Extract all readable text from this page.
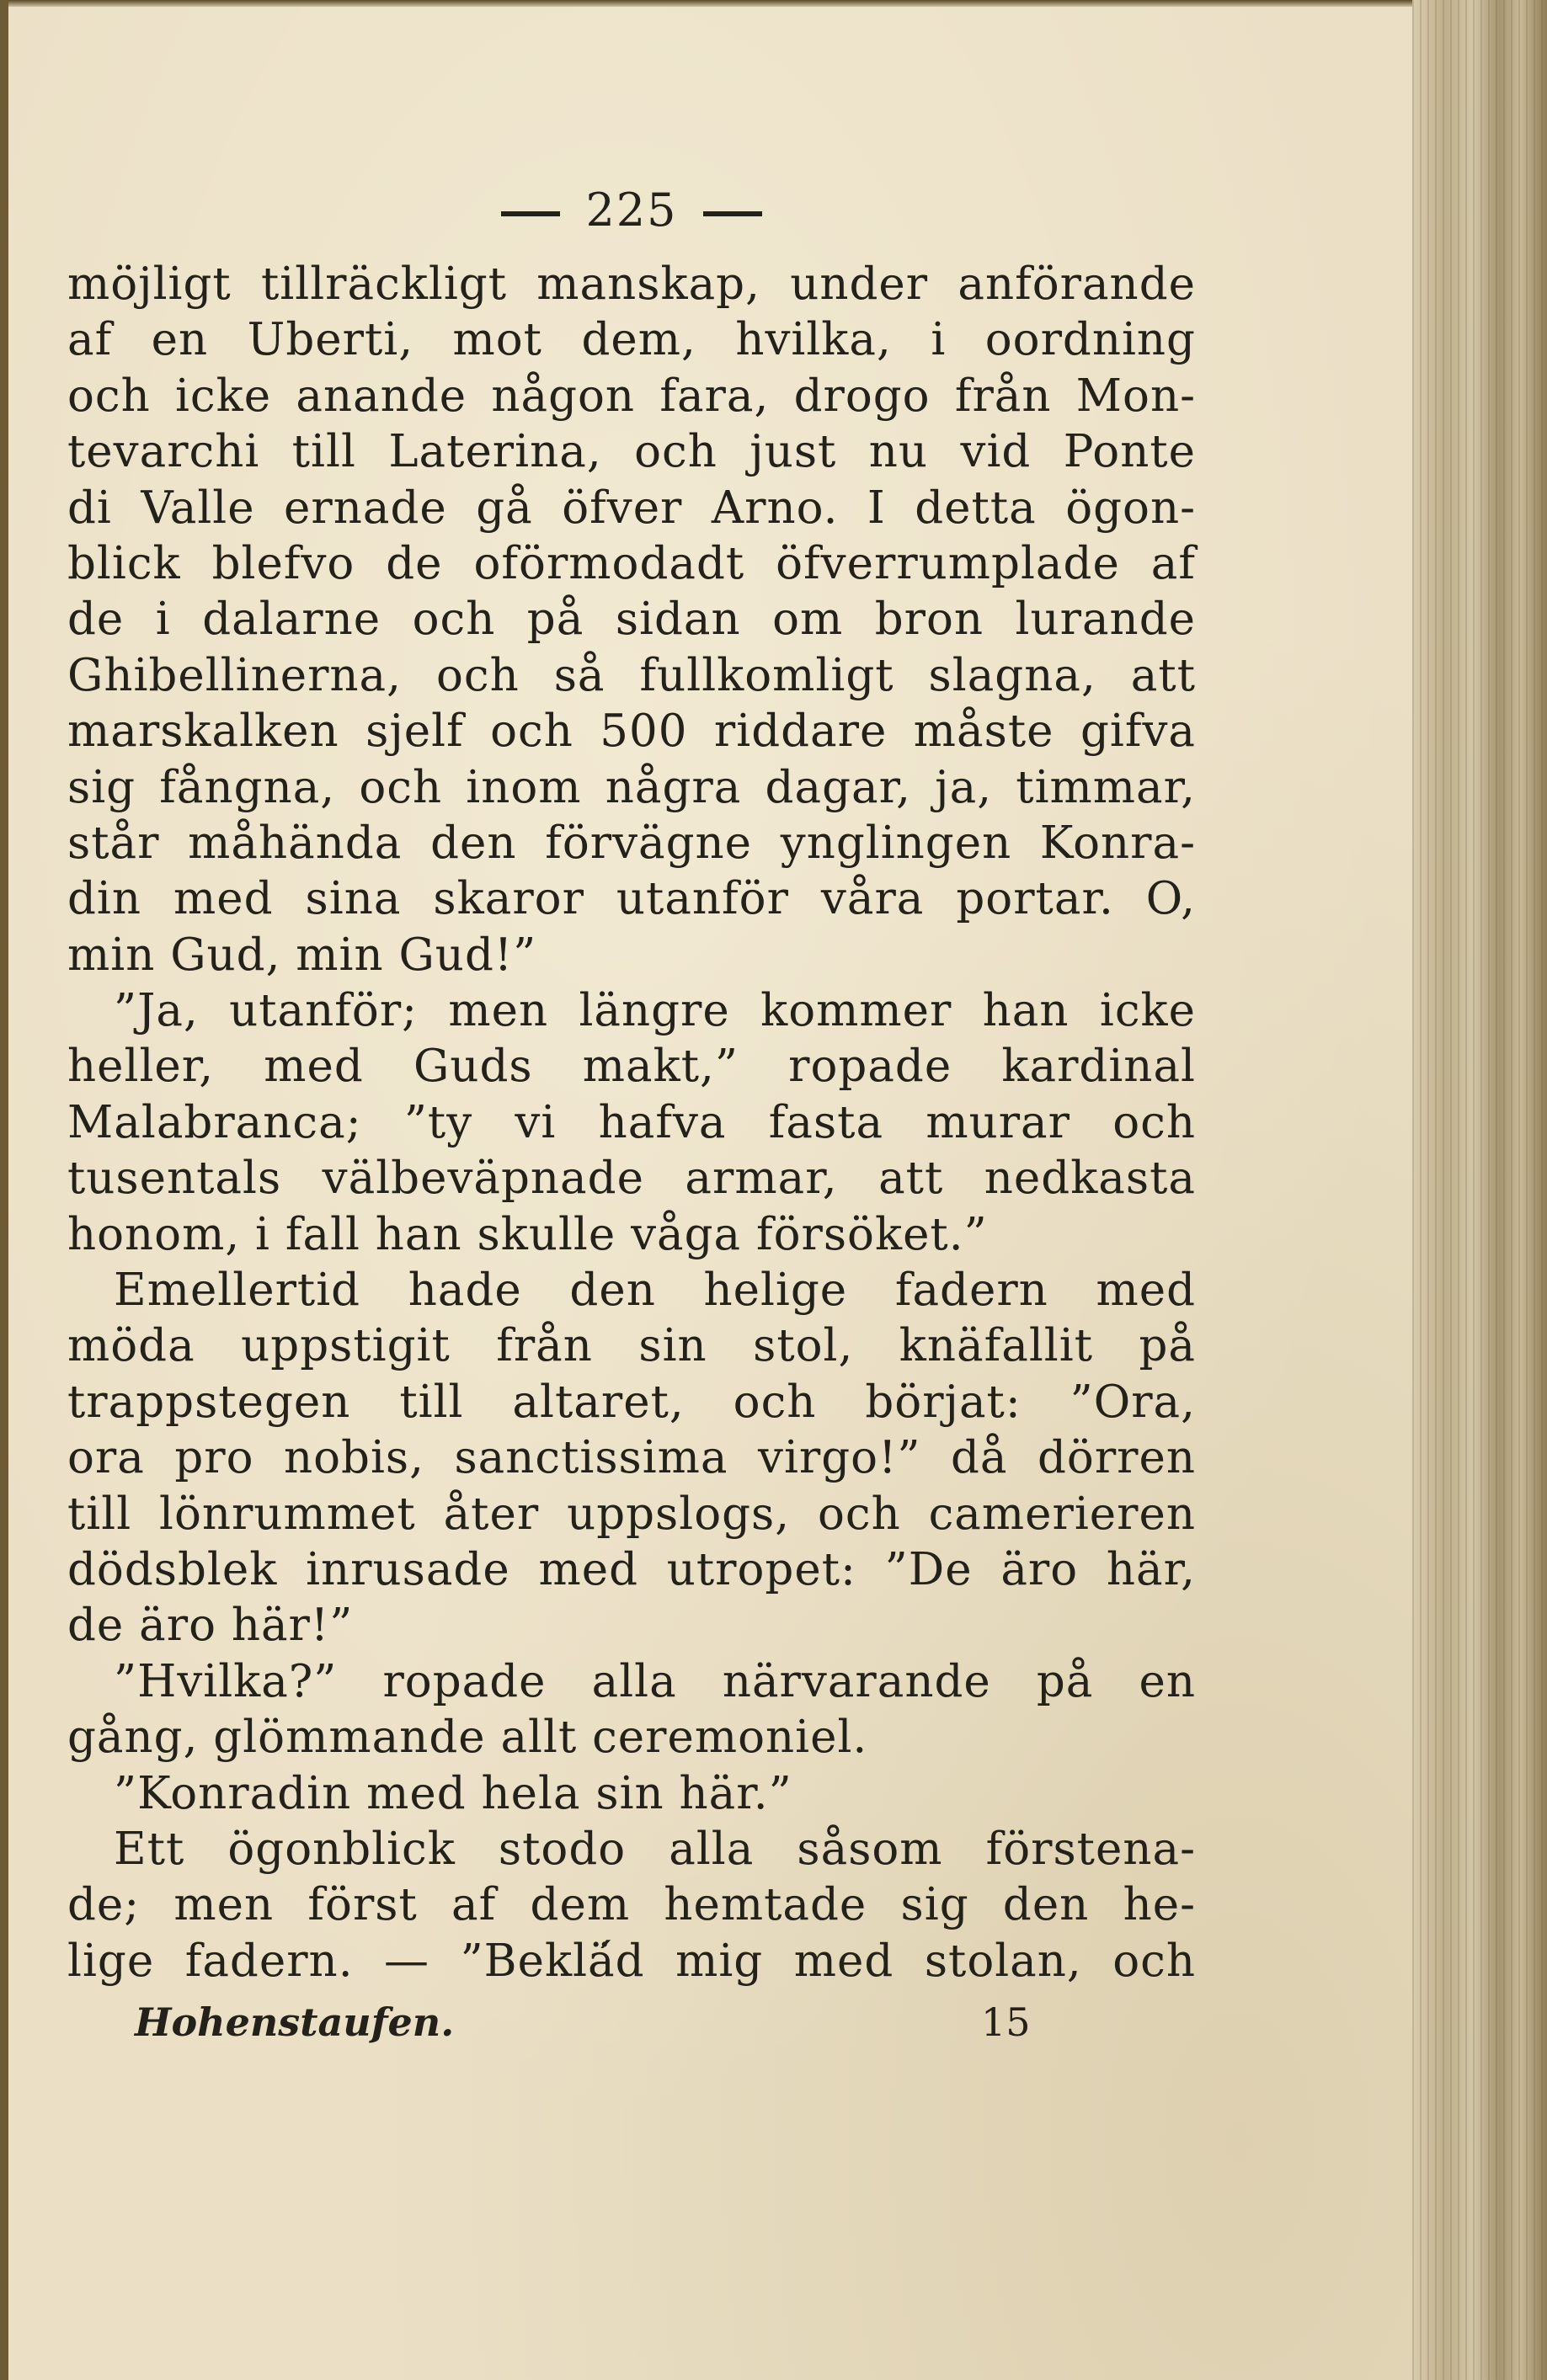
225
möjligt tillräckligt manskap, under anförande
af en Uberti, mot dem, hvilka, i oordning
och icke anande någon fara, drogo från Mon-
tevarchi till Laterina, och just nu vid Ponte
di Valle ernade gå öfver Arno. I detta ögon-
blick blefvo de oförmodadt öfverrumplade af
de i dalarne och på sidan om bron lurande
Ghibellinerna, och så fullkomligt slagna, att
marskalken sjelf och 500 riddare måste gifva
sig fångna, och inom några dagar, ja, timmar,
står måhända den förvägne ynglingen Konra-
din med sina skaror utanför våra portar. O,
min Gud, min Gud!”
”Ja, utanför; men längre kommer han icke
heller, med Guds makt,” ropade kardinal
Malabranca; ”ty vi hafva fasta murar och
tusentals välbeväpnade armar, att nedkasta
honom, i fall han skulle våga försöket.”
Emellertid hade den helige fadern med
möda uppstigit från sin stol, knäfallit på
trappstegen till altaret, och börjat: ”Ora,
ora pro nobis, sanctissima virgo!” då dörren
till lönrummet åter uppslogs, och camerieren
dödsblek inrusade med utropet: ”De äro här,
de äro här!”
”Hvilka?” ropade alla närvarande på en
gång, glömmande allt ceremoniel.
”Konradin med hela sin här.”
Ett ögonblick stodo alla såsom förstena-
de; men först af dem hemtade sig den he-
lige fadern. — ”Beklä́d mig med stolan, och
Hohenstaufen.	15
